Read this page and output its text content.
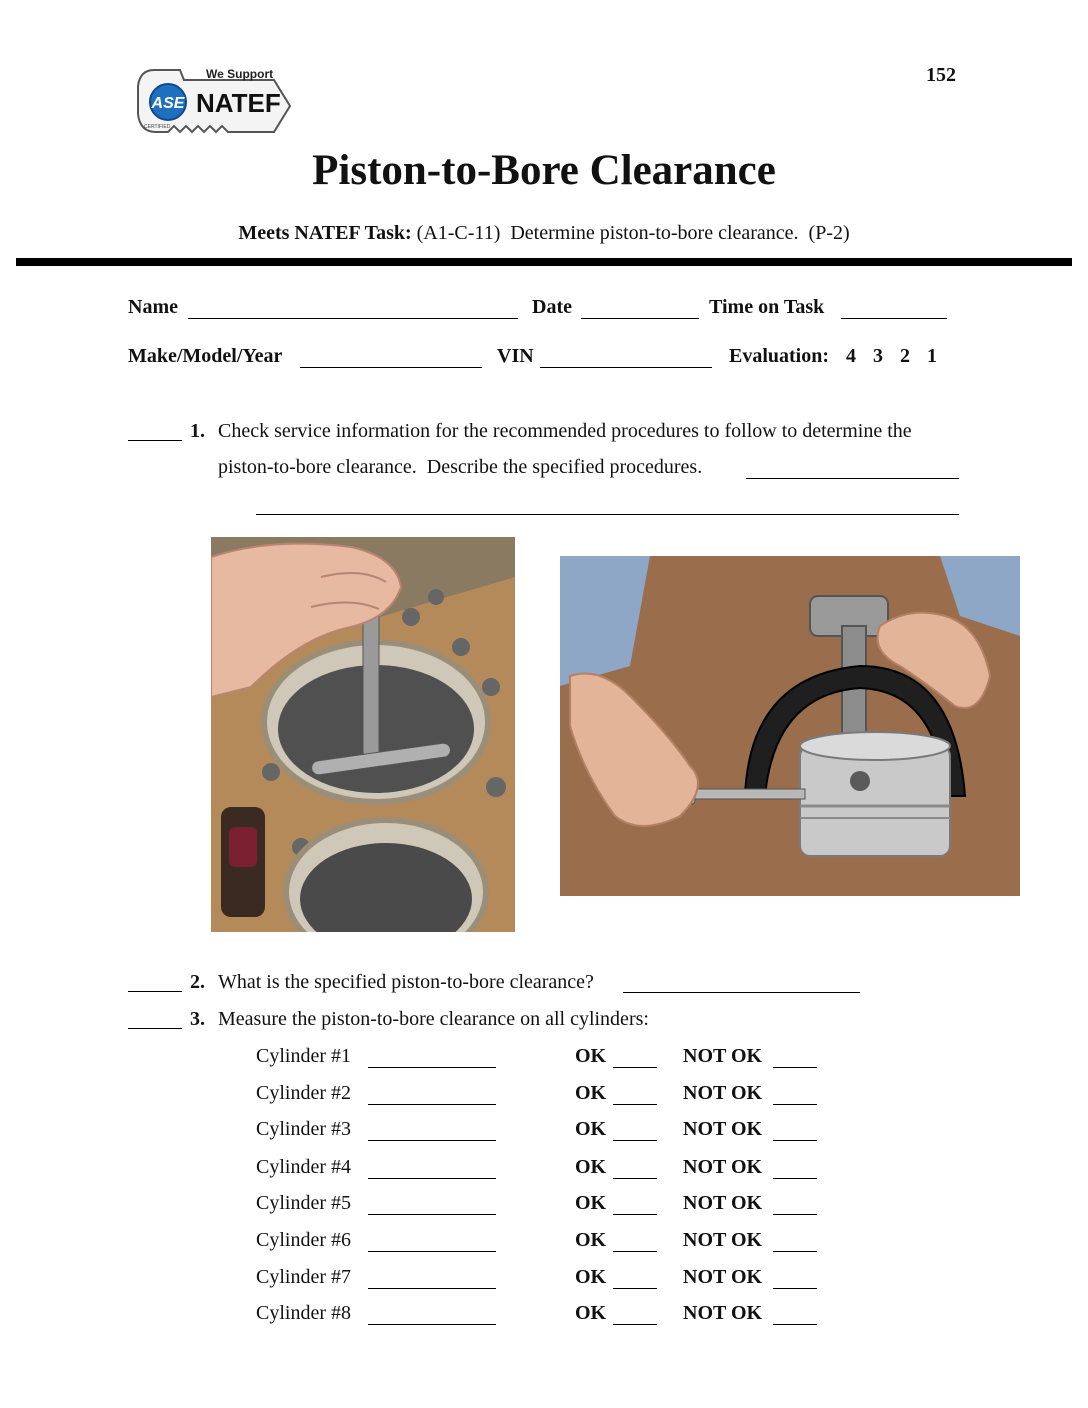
152
ASE
CERTIFIED
We Support
NATEF
Piston-to-Bore Clearance
Meets NATEF Task: (A1-C-11)  Determine piston-to-bore clearance.  (P-2)
Name	Date	Time on Task
Make/Model/Year	VIN	Evaluation: 4 3 2 1
1. Check service information for the recommended procedures to follow to determine the
piston-to-bore clearance.  Describe the specified procedures.
2. What is the specified piston-to-bore clearance?
3. Measure the piston-to-bore clearance on all cylinders:
Cylinder #1	OK	NOT OK
Cylinder #2	OK	NOT OK
Cylinder #3	OK	NOT OK
Cylinder #4	OK	NOT OK
Cylinder #5	OK	NOT OK
Cylinder #6	OK	NOT OK
Cylinder #7	OK	NOT OK
Cylinder #8	OK	NOT OK
